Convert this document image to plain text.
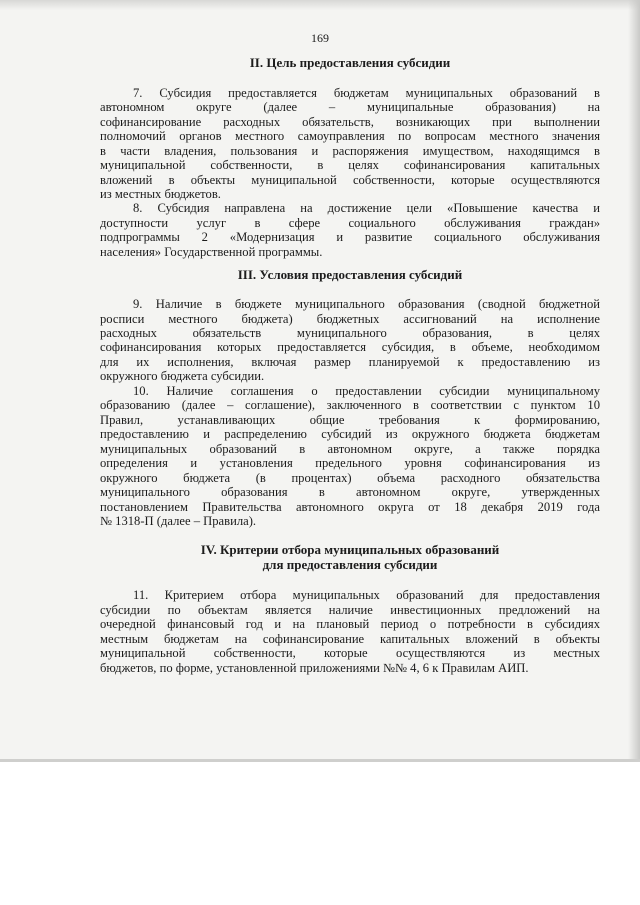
169
II. Цель предоставления субсидии
7. Субсидия предоставляется бюджетам муниципальных образований в
автономном округе (далее – муниципальные образования) на
софинансирование расходных обязательств, возникающих при выполнении
полномочий органов местного самоуправления по вопросам местного значения
в части владения, пользования и распоряжения имуществом, находящимся в
муниципальной собственности, в целях софинансирования капитальных
вложений в объекты муниципальной собственности, которые осуществляются
из местных бюджетов.
8. Субсидия направлена на достижение цели «Повышение качества и
доступности услуг в сфере социального обслуживания граждан»
подпрограммы 2 «Модернизация и развитие социального обслуживания
населения» Государственной программы.
III. Условия предоставления субсидий
9. Наличие в бюджете муниципального образования (сводной бюджетной
росписи местного бюджета) бюджетных ассигнований на исполнение
расходных обязательств муниципального образования, в целях
софинансирования которых предоставляется субсидия, в объеме, необходимом
для их исполнения, включая размер планируемой к предоставлению из
окружного бюджета субсидии.
10. Наличие соглашения о предоставлении субсидии муниципальному
образованию (далее – соглашение), заключенного в соответствии с пунктом 10
Правил, устанавливающих общие требования к формированию,
предоставлению и распределению субсидий из окружного бюджета бюджетам
муниципальных образований в автономном округе, а также порядка
определения и установления предельного уровня софинансирования из
окружного бюджета (в процентах) объема расходного обязательства
муниципального образования в автономном округе, утвержденных
постановлением Правительства автономного округа от 18 декабря 2019 года
№ 1318-П (далее – Правила).
IV. Критерии отбора муниципальных образований
для предоставления субсидии
11. Критерием отбора муниципальных образований для предоставления
субсидии по объектам является наличие инвестиционных предложений на
очередной финансовый год и на плановый период о потребности в субсидиях
местным бюджетам на софинансирование капитальных вложений в объекты
муниципальной собственности, которые осуществляются из местных
бюджетов, по форме, установленной приложениями №№ 4, 6 к Правилам АИП.
